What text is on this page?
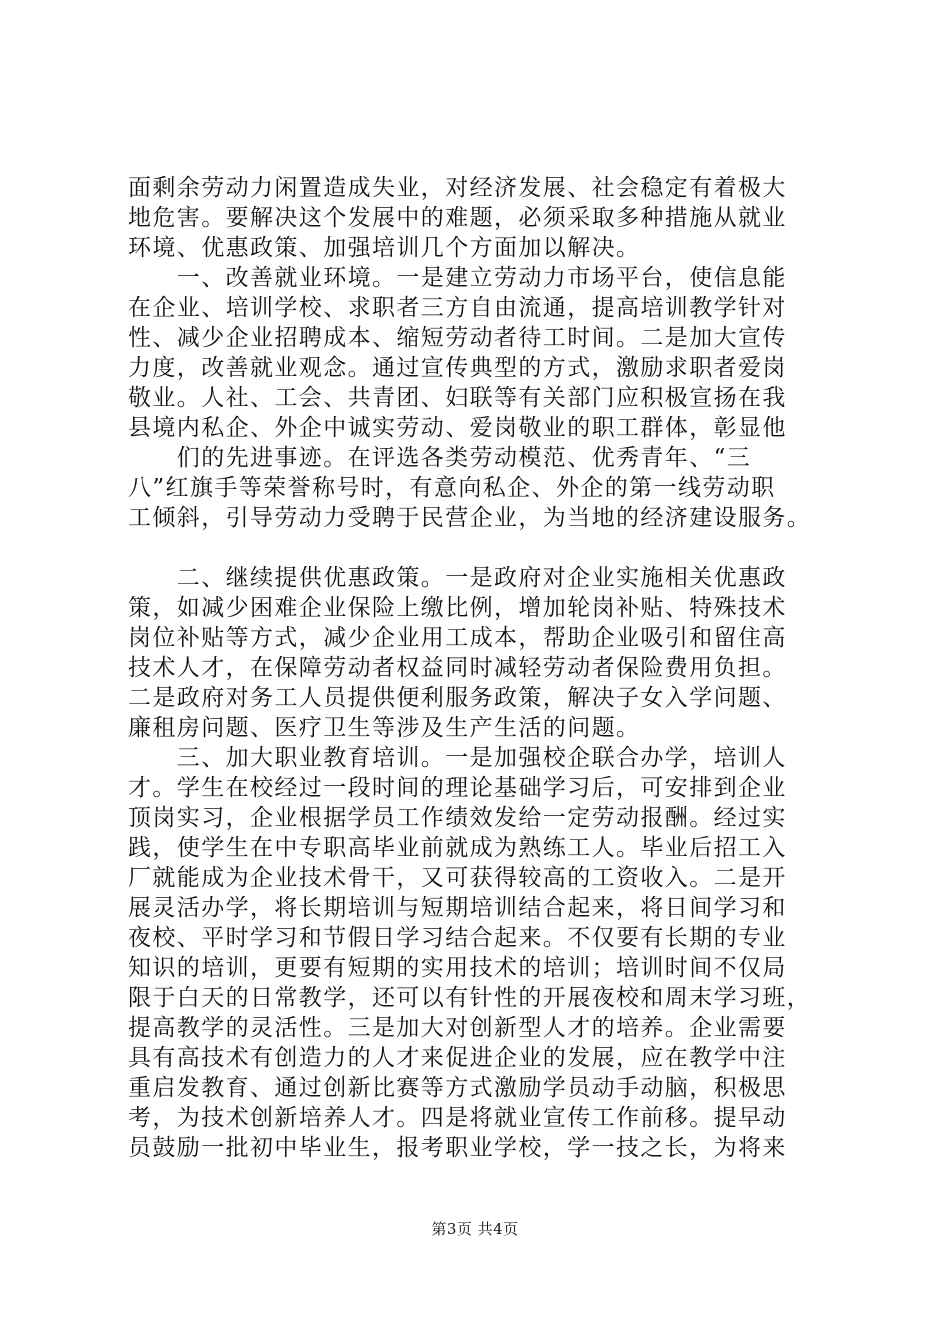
面剩余劳动力闲置造成失业，对经济发展、社会稳定有着极大
地危害。要解决这个发展中的难题，必须采取多种措施从就业
环境、优惠政策、加强培训几个方面加以解决。
　　一、改善就业环境。一是建立劳动力市场平台，使信息能
在企业、培训学校、求职者三方自由流通，提高培训教学针对
性、减少企业招聘成本、缩短劳动者待工时间。二是加大宣传
力度，改善就业观念。通过宣传典型的方式，激励求职者爱岗
敬业。人社、工会、共青团、妇联等有关部门应积极宣扬在我
县境内私企、外企中诚实劳动、爱岗敬业的职工群体，彰显他
　　们的先进事迹。在评选各类劳动模范、优秀青年、“三
八”红旗手等荣誉称号时，有意向私企、外企的第一线劳动职
工倾斜，引导劳动力受聘于民营企业，为当地的经济建设服务。
　　二、继续提供优惠政策。一是政府对企业实施相关优惠政
策，如减少困难企业保险上缴比例，增加轮岗补贴、特殊技术
岗位补贴等方式，减少企业用工成本，帮助企业吸引和留住高
技术人才，在保障劳动者权益同时减轻劳动者保险费用负担。
二是政府对务工人员提供便利服务政策，解决子女入学问题、
廉租房问题、医疗卫生等涉及生产生活的问题。
　　三、加大职业教育培训。一是加强校企联合办学，培训人
才。学生在校经过一段时间的理论基础学习后，可安排到企业
顶岗实习，企业根据学员工作绩效发给一定劳动报酬。经过实
践，使学生在中专职高毕业前就成为熟练工人。毕业后招工入
厂就能成为企业技术骨干，又可获得较高的工资收入。二是开
展灵活办学，将长期培训与短期培训结合起来，将日间学习和
夜校、平时学习和节假日学习结合起来。不仅要有长期的专业
知识的培训，更要有短期的实用技术的培训；培训时间不仅局
限于白天的日常教学，还可以有针性的开展夜校和周末学习班，
提高教学的灵活性。三是加大对创新型人才的培养。企业需要
具有高技术有创造力的人才来促进企业的发展，应在教学中注
重启发教育、通过创新比赛等方式激励学员动手动脑，积极思
考，为技术创新培养人才。四是将就业宣传工作前移。提早动
员鼓励一批初中毕业生，报考职业学校，学一技之长，为将来
第3页 共4页
